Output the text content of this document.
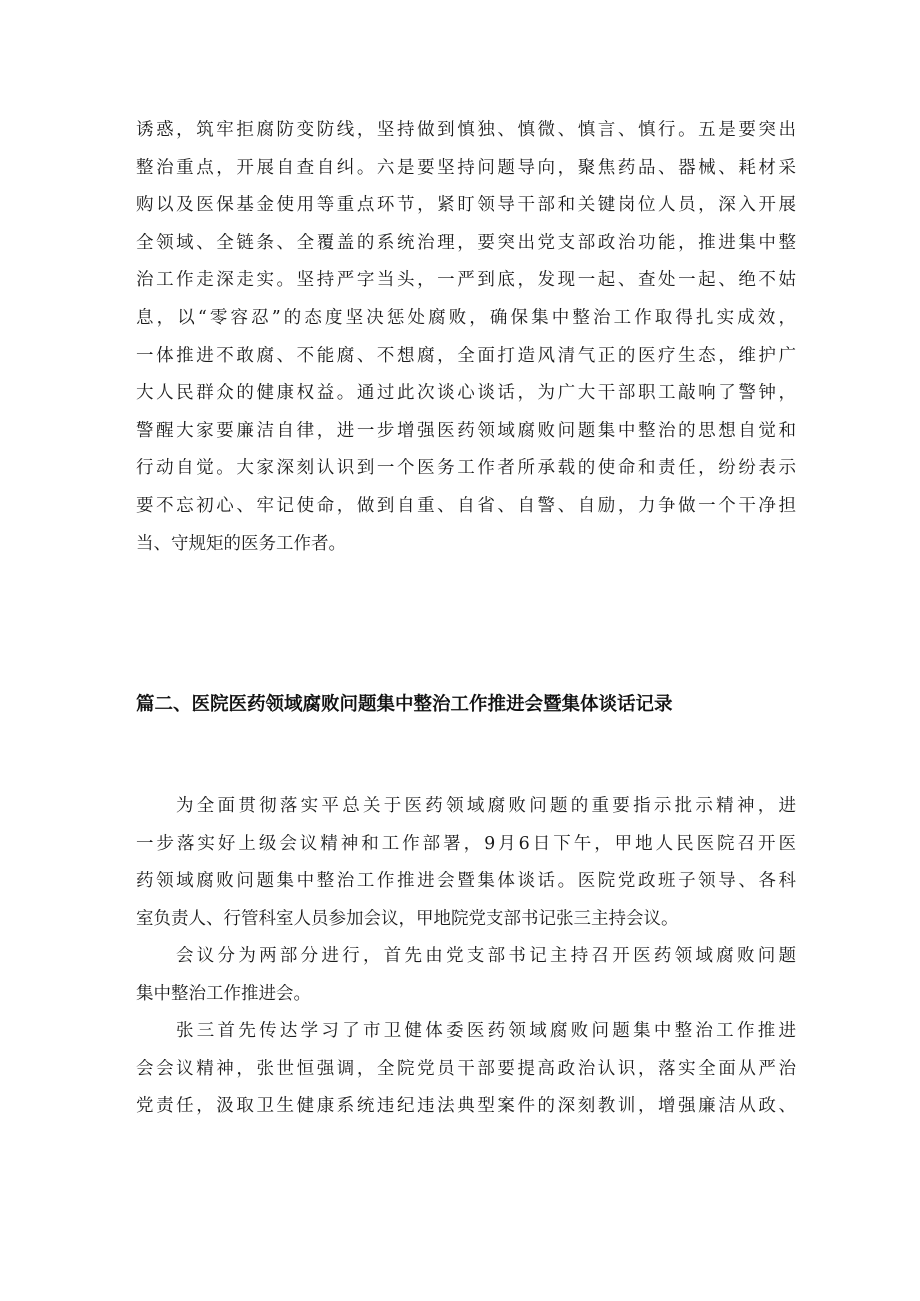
诱惑，筑牢拒腐防变防线，坚持做到慎独、慎微、慎言、慎行。五是要突出
整治重点，开展自查自纠。六是要坚持问题导向，聚焦药品、器械、耗材采
购以及医保基金使用等重点环节，紧盯领导干部和关键岗位人员，深入开展
全领域、全链条、全覆盖的系统治理，要突出党支部政治功能，推进集中整
治工作走深走实。坚持严字当头，一严到底，发现一起、查处一起、绝不姑
息，以“零容忍”的态度坚决惩处腐败，确保集中整治工作取得扎实成效，
一体推进不敢腐、不能腐、不想腐，全面打造风清气正的医疗生态，维护广
大人民群众的健康权益。通过此次谈心谈话，为广大干部职工敲响了警钟，
警醒大家要廉洁自律，进一步增强医药领域腐败问题集中整治的思想自觉和
行动自觉。大家深刻认识到一个医务工作者所承载的使命和责任，纷纷表示
要不忘初心、牢记使命，做到自重、自省、自警、自励，力争做一个干净担
当、守规矩的医务工作者。
篇二、医院医药领域腐败问题集中整治工作推进会暨集体谈话记录
为全面贯彻落实平总关于医药领域腐败问题的重要指示批示精神，进
一步落实好上级会议精神和工作部署，9月6日下午，甲地人民医院召开医
药领域腐败问题集中整治工作推进会暨集体谈话。医院党政班子领导、各科
室负责人、行管科室人员参加会议，甲地院党支部书记张三主持会议。
会议分为两部分进行，首先由党支部书记主持召开医药领域腐败问题
集中整治工作推进会。
张三首先传达学习了市卫健体委医药领域腐败问题集中整治工作推进
会会议精神，张世恒强调，全院党员干部要提高政治认识，落实全面从严治
党责任，汲取卫生健康系统违纪违法典型案件的深刻教训，增强廉洁从政、
